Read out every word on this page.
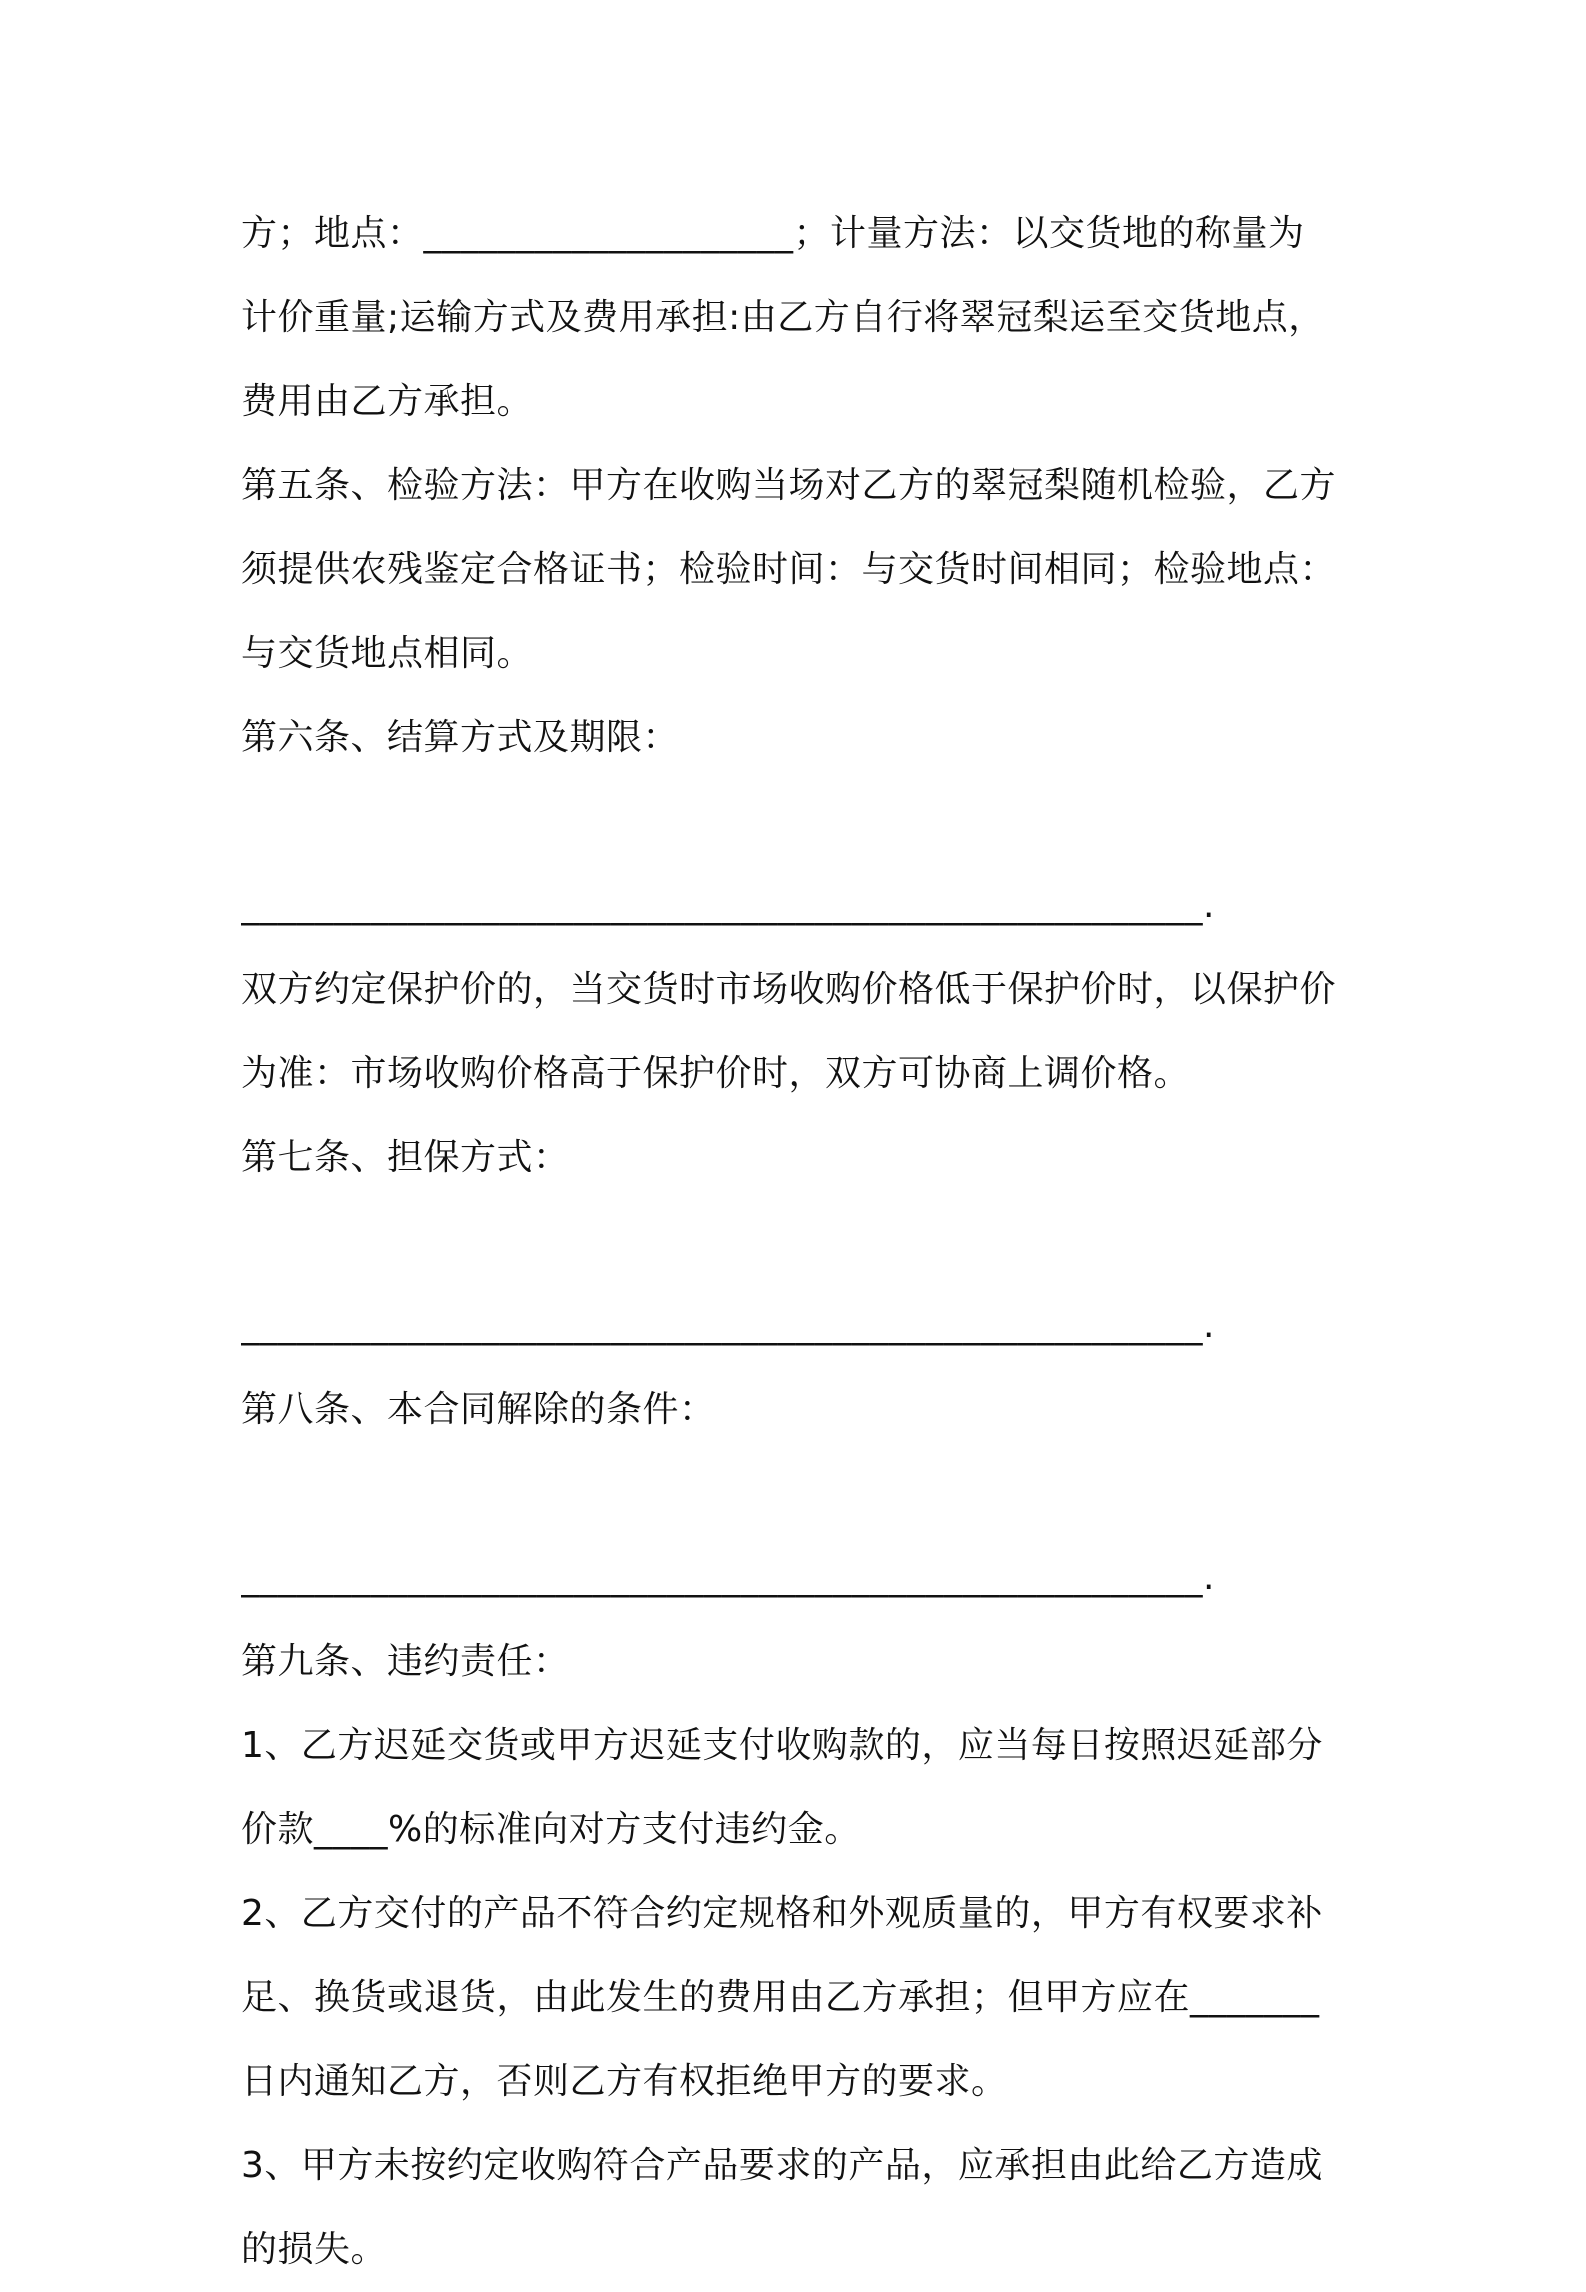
方；地点：____________________；计量方法：以交货地的称量为
计价重量;运输方式及费用承担:由乙方自行将翠冠梨运至交货地点，
费用由乙方承担。
第五条、检验方法：甲方在收购当场对乙方的翠冠梨随机检验，乙方
须提供农残鉴定合格证书；检验时间：与交货时间相同；检验地点：
与交货地点相同。
第六条、结算方式及期限：
____________________________________________________.
双方约定保护价的，当交货时市场收购价格低于保护价时，以保护价
为准：市场收购价格高于保护价时，双方可协商上调价格。
第七条、担保方式：
____________________________________________________.
第八条、本合同解除的条件：
____________________________________________________.
第九条、违约责任：
1、乙方迟延交货或甲方迟延支付收购款的，应当每日按照迟延部分
价款____%的标准向对方支付违约金。
2、乙方交付的产品不符合约定规格和外观质量的，甲方有权要求补
足、换货或退货，由此发生的费用由乙方承担；但甲方应在_______
日内通知乙方，否则乙方有权拒绝甲方的要求。
3、甲方未按约定收购符合产品要求的产品，应承担由此给乙方造成
的损失。
